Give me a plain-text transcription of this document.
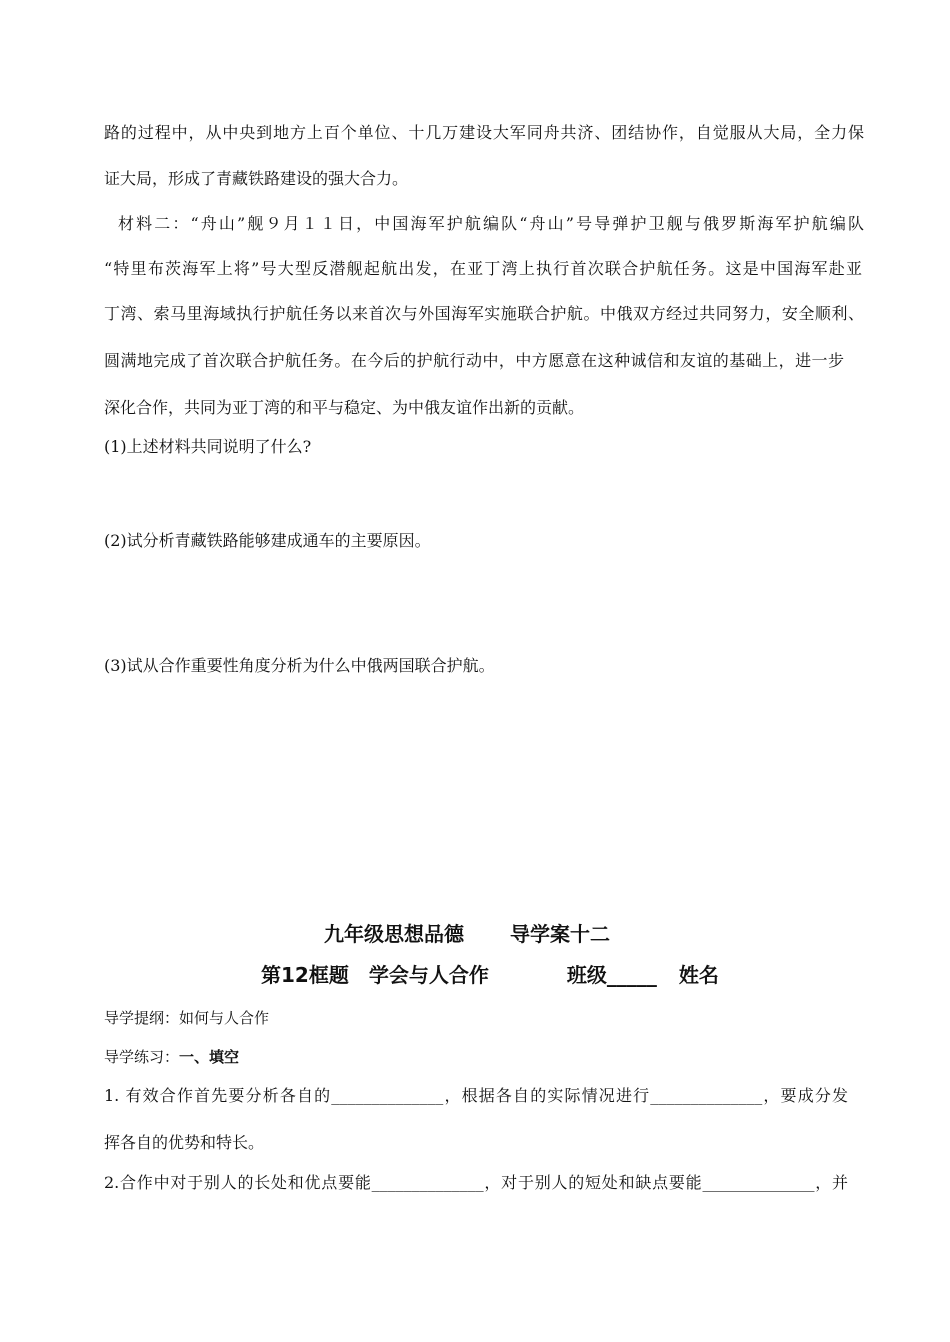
路的过程中，从中央到地方上百个单位、十几万建设大军同舟共济、团结协作，自觉服从大局，全力保
证大局，形成了青藏铁路建设的强大合力。
材料二：“舟山”舰９月１１日，中国海军护航编队“舟山”号导弹护卫舰与俄罗斯海军护航编队
“特里布茨海军上将”号大型反潜舰起航出发，在亚丁湾上执行首次联合护航任务。这是中国海军赴亚
丁湾、索马里海域执行护航任务以来首次与外国海军实施联合护航。中俄双方经过共同努力，安全顺利、
圆满地完成了首次联合护航任务。在今后的护航行动中，中方愿意在这种诚信和友谊的基础上，进一步
深化合作，共同为亚丁湾的和平与稳定、为中俄友谊作出新的贡献。
(1)上述材料共同说明了什么?
(2)试分析青藏铁路能够建成通车的主要原因。
(3)试从合作重要性角度分析为什么中俄两国联合护航。
九年级思想品德 导学案十二
第12框题　学会与人合作	班级_____ 姓名
导学提纲：如何与人合作
导学练习：一、填空
1. 有效合作首先要分析各自的______________，根据各自的实际情况进行______________，要成分发
挥各自的优势和特长。
2.合作中对于别人的长处和优点要能______________，对于别人的短处和缺点要能______________，并
